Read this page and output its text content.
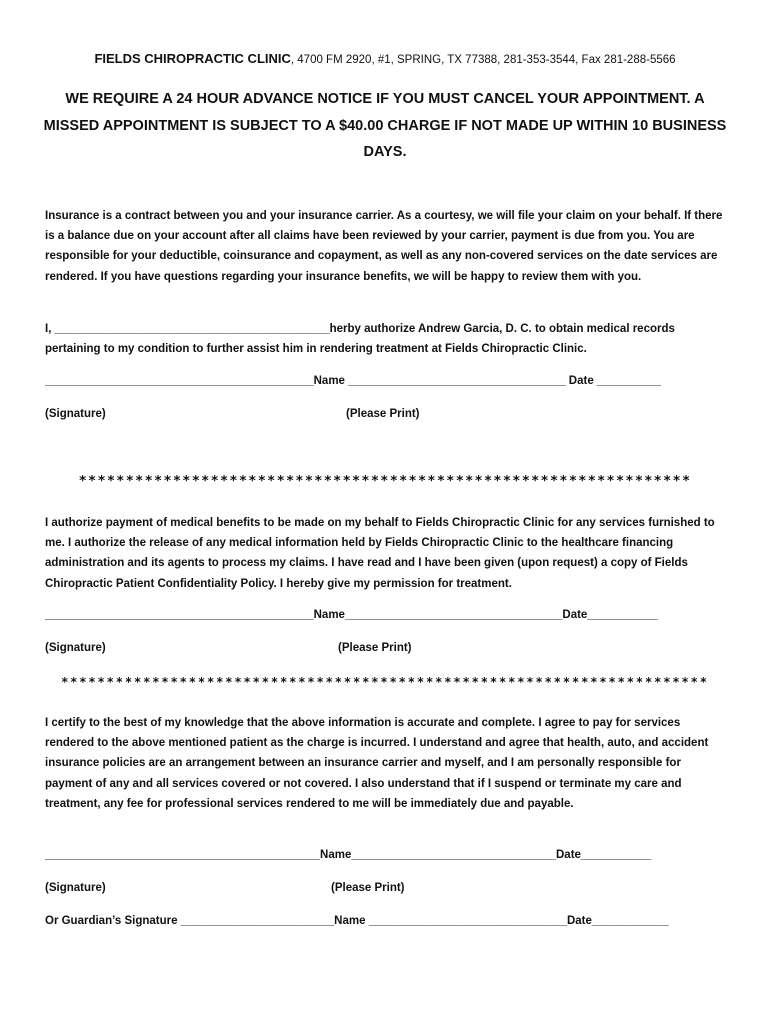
FIELDS CHIROPRACTIC CLINIC, 4700 FM 2920, #1, SPRING, TX 77388, 281-353-3544, Fax 281-288-5566
WE REQUIRE A 24 HOUR ADVANCE NOTICE IF YOU MUST CANCEL YOUR APPOINTMENT. A MISSED APPOINTMENT IS SUBJECT TO A $40.00 CHARGE IF NOT MADE UP WITHIN 10 BUSINESS DAYS.
Insurance is a contract between you and your insurance carrier. As a courtesy, we will file your claim on your behalf. If there is a balance due on your account after all claims have been reviewed by your carrier, payment is due from you. You are responsible for your deductible, coinsurance and copayment, as well as any non-covered services on the date services are rendered. If you have questions regarding your insurance benefits, we will be happy to review them with you.
I, ___________________________________________herby authorize Andrew Garcia, D. C. to obtain medical records pertaining to my condition to further assist him in rendering treatment at Fields Chiropractic Clinic.
__________________________________________Name __________________________________ Date __________
(Signature)	(Please Print)
*****************************************************************
I authorize payment of medical benefits to be made on my behalf to Fields Chiropractic Clinic for any services furnished to me. I authorize the release of any medical information held by Fields Chiropractic Clinic to the healthcare financing administration and its agents to process my claims. I have read and I have been given (upon request) a copy of Fields Chiropractic Patient Confidentiality Policy. I hereby give my permission for treatment.
__________________________________________Name__________________________________Date___________
(Signature)	(Please Print)
***********************************************************************
I certify to the best of my knowledge that the above information is accurate and complete. I agree to pay for services rendered to the above mentioned patient as the charge is incurred. I understand and agree that health, auto, and accident insurance policies are an arrangement between an insurance carrier and myself, and I am personally responsible for payment of any and all services covered or not covered. I also understand that if I suspend or terminate my care and treatment, any fee for professional services rendered to me will be immediately due and payable.
___________________________________________Name________________________________Date___________
(Signature)	(Please Print)
Or Guardian’s Signature ________________________Name _______________________________Date____________
